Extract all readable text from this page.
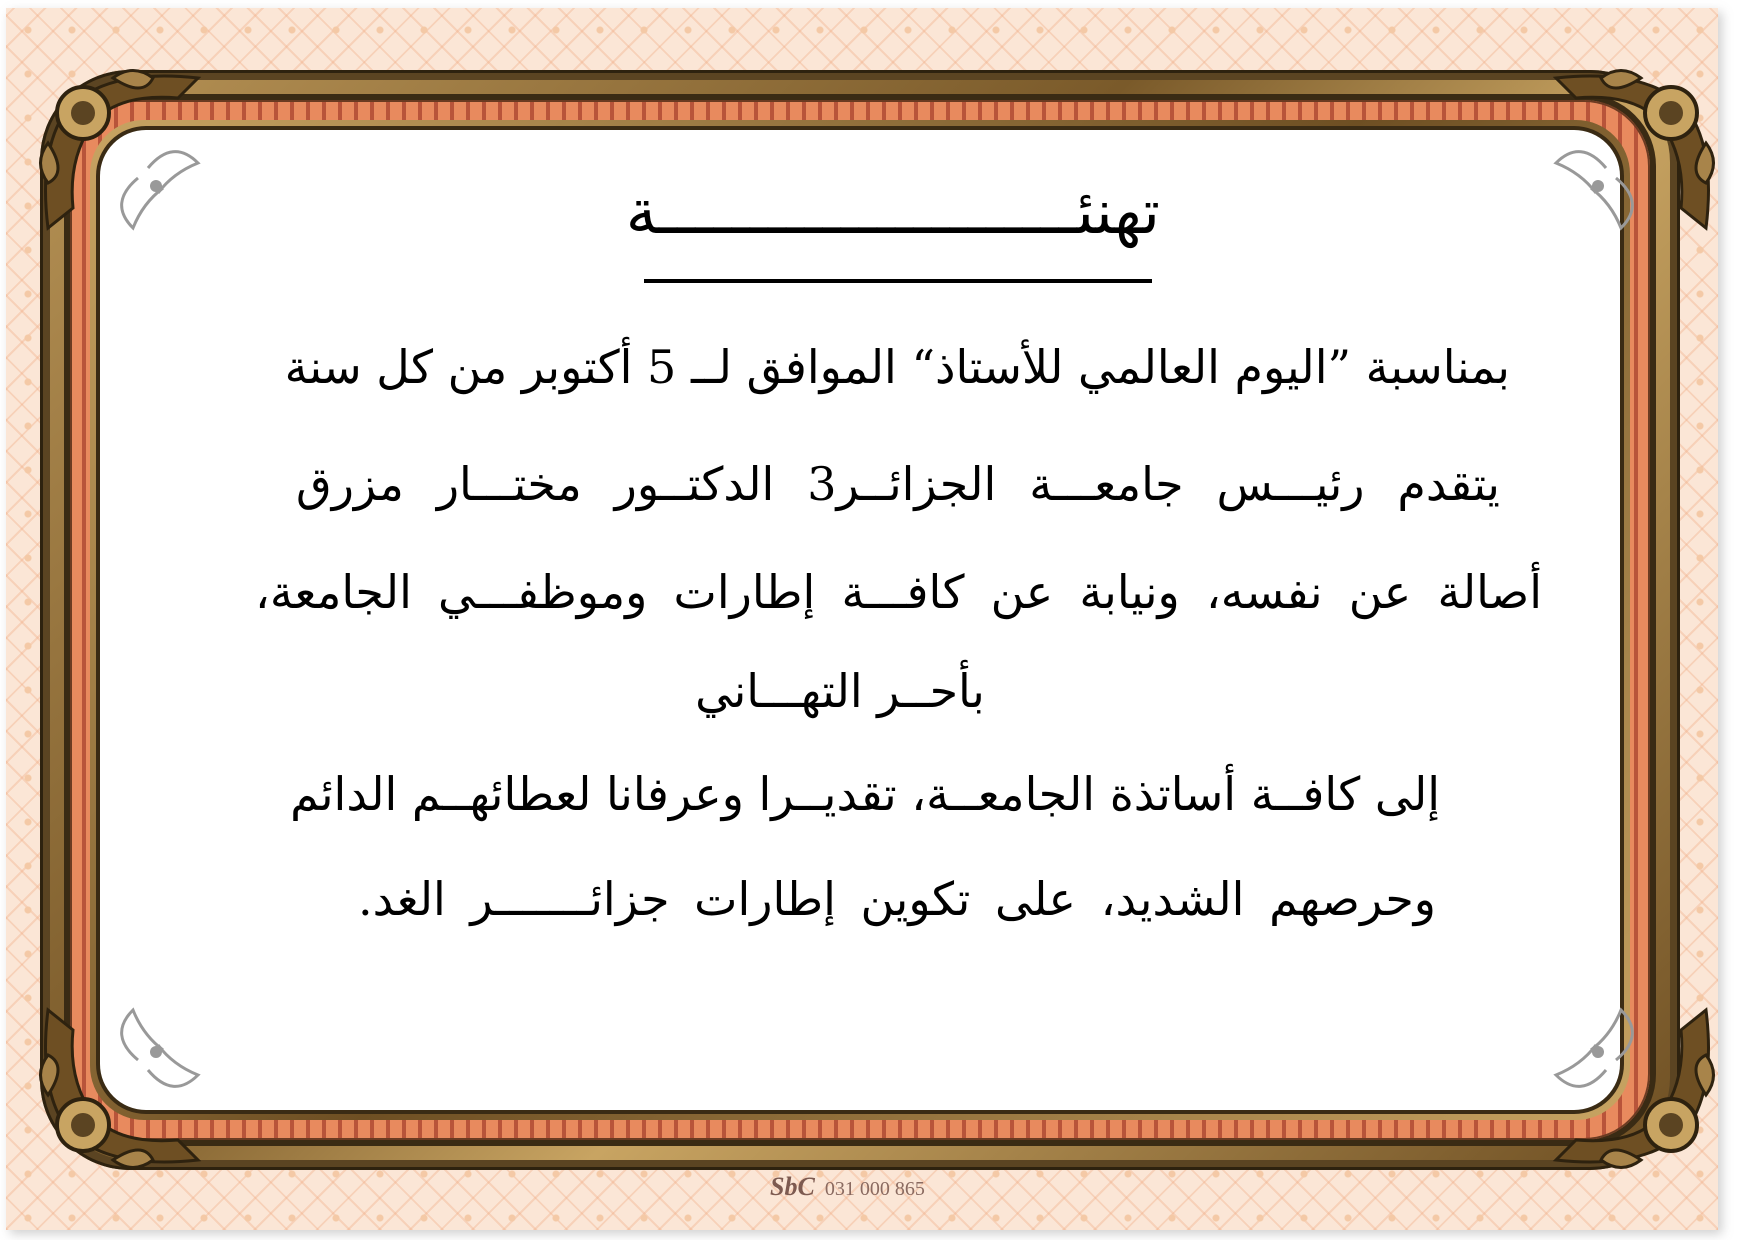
تهنئـــــــــــــــــــــــة
بمناسبة ”اليوم العالمي للأستاذ“ الموافق لــ 5 أكتوبر من كل سنة
يتقدم رئيـــس جامعـــة الجزائــر3 الدكتــور مختـــار مزرق
أصالة عن نفسه، ونيابة عن كافـــة إطارات وموظفـــي الجامعة،
بأحــر التهـــاني
إلى كافــة أساتذة الجامعــة، تقديــرا وعرفانا لعطائهــم الدائم
وحرصهم الشديد، على تكوين إطارات جزائـــــــر الغد.
SbC 031 000 865
